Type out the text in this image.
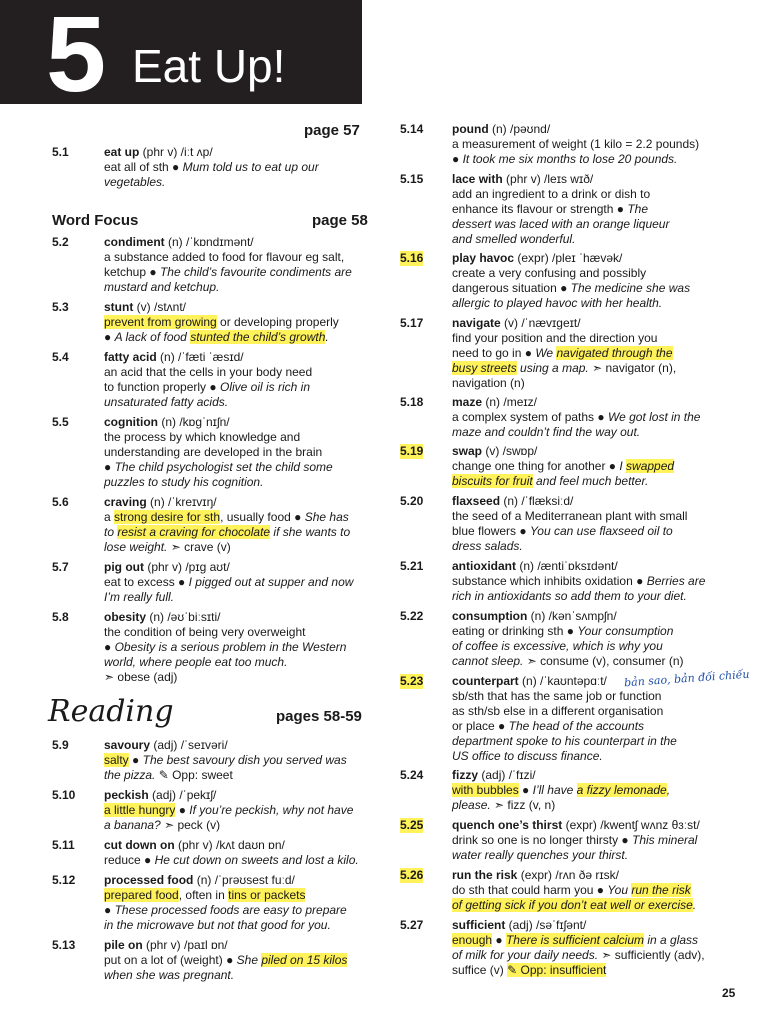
5 Eat Up!
page 57
Word Focus	page 58
Reading	pages 58-59
5.1	eat up (phr v) /iːt ʌp/
eat all of sth ● Mum told us to eat up our
vegetables.
5.2	condiment (n) /ˈkɒndɪmənt/
a substance added to food for flavour eg salt,
ketchup ● The child’s favourite condiments are
mustard and ketchup.
5.3	stunt (v) /stʌnt/
prevent from growing or developing properly
● A lack of food stunted the child’s growth.
5.4	fatty acid (n) /ˈfæti ˈæsɪd/
an acid that the cells in your body need
to function properly ● Olive oil is rich in
unsaturated fatty acids.
5.5	cognition (n) /kɒɡˈnɪʃn/
the process by which knowledge and
understanding are developed in the brain
● The child psychologist set the child some
puzzles to study his cognition.
5.6	craving (n) /ˈkreɪvɪŋ/
a strong desire for sth, usually food ● She has
to resist a craving for chocolate if she wants to
lose weight. ➣ crave (v)
5.7	pig out (phr v) /pɪɡ aʊt/
eat to excess ● I pigged out at supper and now
I’m really full.
5.8	obesity (n) /əʊˈbiːsɪti/
the condition of being very overweight
● Obesity is a serious problem in the Western
world, where people eat too much.
➣ obese (adj)
5.9	savoury (adj) /ˈseɪvəri/
salty ● The best savoury dish you served was
the pizza. ✎ Opp: sweet
5.10 peckish (adj) /ˈpekɪʃ/
a little hungry ● If you’re peckish, why not have
a banana? ➣ peck (v)
5.11 cut down on (phr v) /kʌt daʊn ɒn/
reduce ● He cut down on sweets and lost a kilo.
5.12 processed food (n) /ˈprəʊsest fuːd/
prepared food, often in tins or packets
● These processed foods are easy to prepare
in the microwave but not that good for you.
5.13 pile on (phr v) /paɪl ɒn/
put on a lot of (weight) ● She piled on 15 kilos
when she was pregnant.
5.14 pound (n) /pəʊnd/
a measurement of weight (1 kilo = 2.2 pounds)
● It took me six months to lose 20 pounds.
5.15 lace with (phr v) /leɪs wɪð/
add an ingredient to a drink or dish to
enhance its flavour or strength ● The
dessert was laced with an orange liqueur
and smelled wonderful.
5.16 play havoc (expr) /pleɪ ˈhævək/
create a very confusing and possibly
dangerous situation ● The medicine she was
allergic to played havoc with her health.
5.17 navigate (v) /ˈnævɪɡeɪt/
find your position and the direction you
need to go in ● We navigated through the
busy streets using a map. ➣ navigator (n),
navigation (n)
5.18 maze (n) /meɪz/
a complex system of paths ● We got lost in the
maze and couldn’t find the way out.
5.19 swap (v) /swɒp/
change one thing for another ● I swapped
biscuits for fruit and feel much better.
5.20 flaxseed (n) /ˈflæksiːd/
the seed of a Mediterranean plant with small
blue flowers ● You can use flaxseed oil to
dress salads.
5.21 antioxidant (n) /æntiˈɒksɪdənt/
substance which inhibits oxidation ● Berries are
rich in antioxidants so add them to your diet.
5.22 consumption (n) /kənˈsʌmpʃn/
eating or drinking sth ● Your consumption
of coffee is excessive, which is why you
cannot sleep. ➣ consume (v), consumer (n)
5.23 counterpart (n) /ˈkaʊntəpɑːt/
sb/sth that has the same job or function
as sth/sb else in a different organisation
or place ● The head of the accounts
department spoke to his counterpart in the
US office to discuss finance.
bản sao, bản đối chiếu
5.24 fizzy (adj) /ˈfɪzi/
with bubbles ● I’ll have a fizzy lemonade,
please. ➣ fizz (v, n)
5.25 quench one’s thirst (expr) /kwentʃ wʌnz θɜːst/
drink so one is no longer thirsty ● This mineral
water really quenches your thirst.
5.26 run the risk (expr) /rʌn ðə rɪsk/
do sth that could harm you ● You run the risk
of getting sick if you don’t eat well or exercise.
5.27 sufficient (adj) /səˈfɪʃənt/
enough ● There is sufficient calcium in a glass
of milk for your daily needs. ➣ sufficiently (adv),
suffice (v) ✎ Opp: insufficient
25
